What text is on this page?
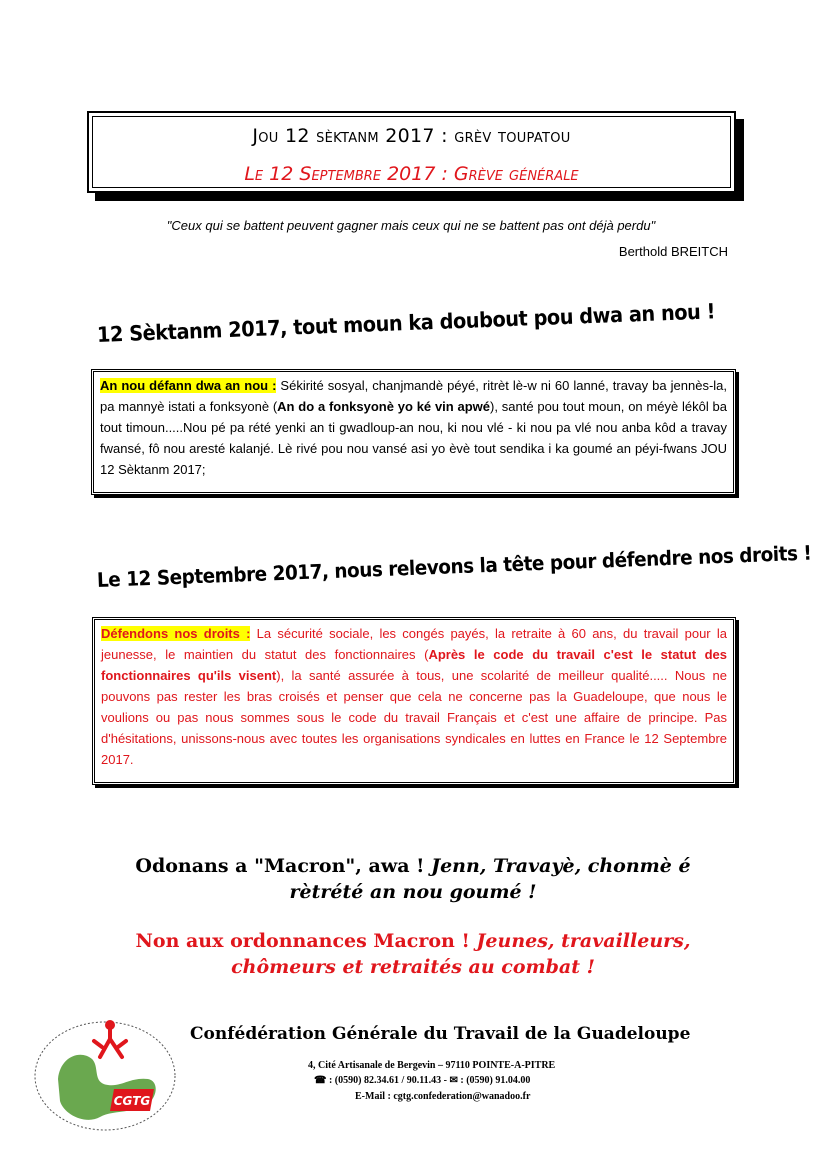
Jou 12 sèktanm 2017 : grèv toupatou
Le 12 Septembre 2017 : Grève générale
"Ceux qui se battent peuvent gagner mais ceux qui ne se battent pas ont déjà perdu"
Berthold BREITCH
12 Sèktanm 2017, tout moun ka doubout pou dwa an nou !
An nou défann dwa an nou : Sékirité sosyal, chanjmandè péyé, ritrèt lè-w ni 60 lanné, travay ba jennès-la, pa mannyè istati a fonksyonè (An do a fonksyonè yo ké vin apwé), santé pou tout moun, on méyè lékôl ba tout timoun.....Nou pé pa rété yenki an ti gwadloup-an nou, ki nou vlé - ki nou pa vlé nou anba kôd a travay fwansé, fô nou aresté kalanjé. Lè rivé pou nou vansé asi yo èvè tout sendika i ka goumé an péyi-fwans JOU 12 Sèktanm 2017;
Le 12 Septembre 2017, nous relevons la tête pour défendre nos droits !
Défendons nos droits : La sécurité sociale, les congés payés, la retraite à 60 ans, du travail pour la jeunesse, le maintien du statut des fonctionnaires (Après le code du travail c'est le statut des fonctionnaires qu'ils visent), la santé assurée à tous, une scolarité de meilleur qualité..... Nous ne pouvons pas rester les bras croisés et penser que cela ne concerne pas la Guadeloupe, que nous le voulions ou pas nous sommes sous le code du travail Français et c'est une affaire de principe. Pas d'hésitations, unissons-nous avec toutes les organisations syndicales en luttes en France le 12 Septembre 2017.
Odonans a "Macron", awa ! Jenn, Travayè, chonmè é rètrété an nou goumé !
Non aux ordonnances Macron ! Jeunes, travailleurs, chômeurs et retraités au combat !
CGTG
Confédération Générale du Travail de la Guadeloupe
4, Cité Artisanale de Bergevin – 97110 POINTE-A-PITRE
☎ : (0590) 82.34.61 / 90.11.43 - ✉ : (0590) 91.04.00
E-Mail : cgtg.confederation@wanadoo.fr
